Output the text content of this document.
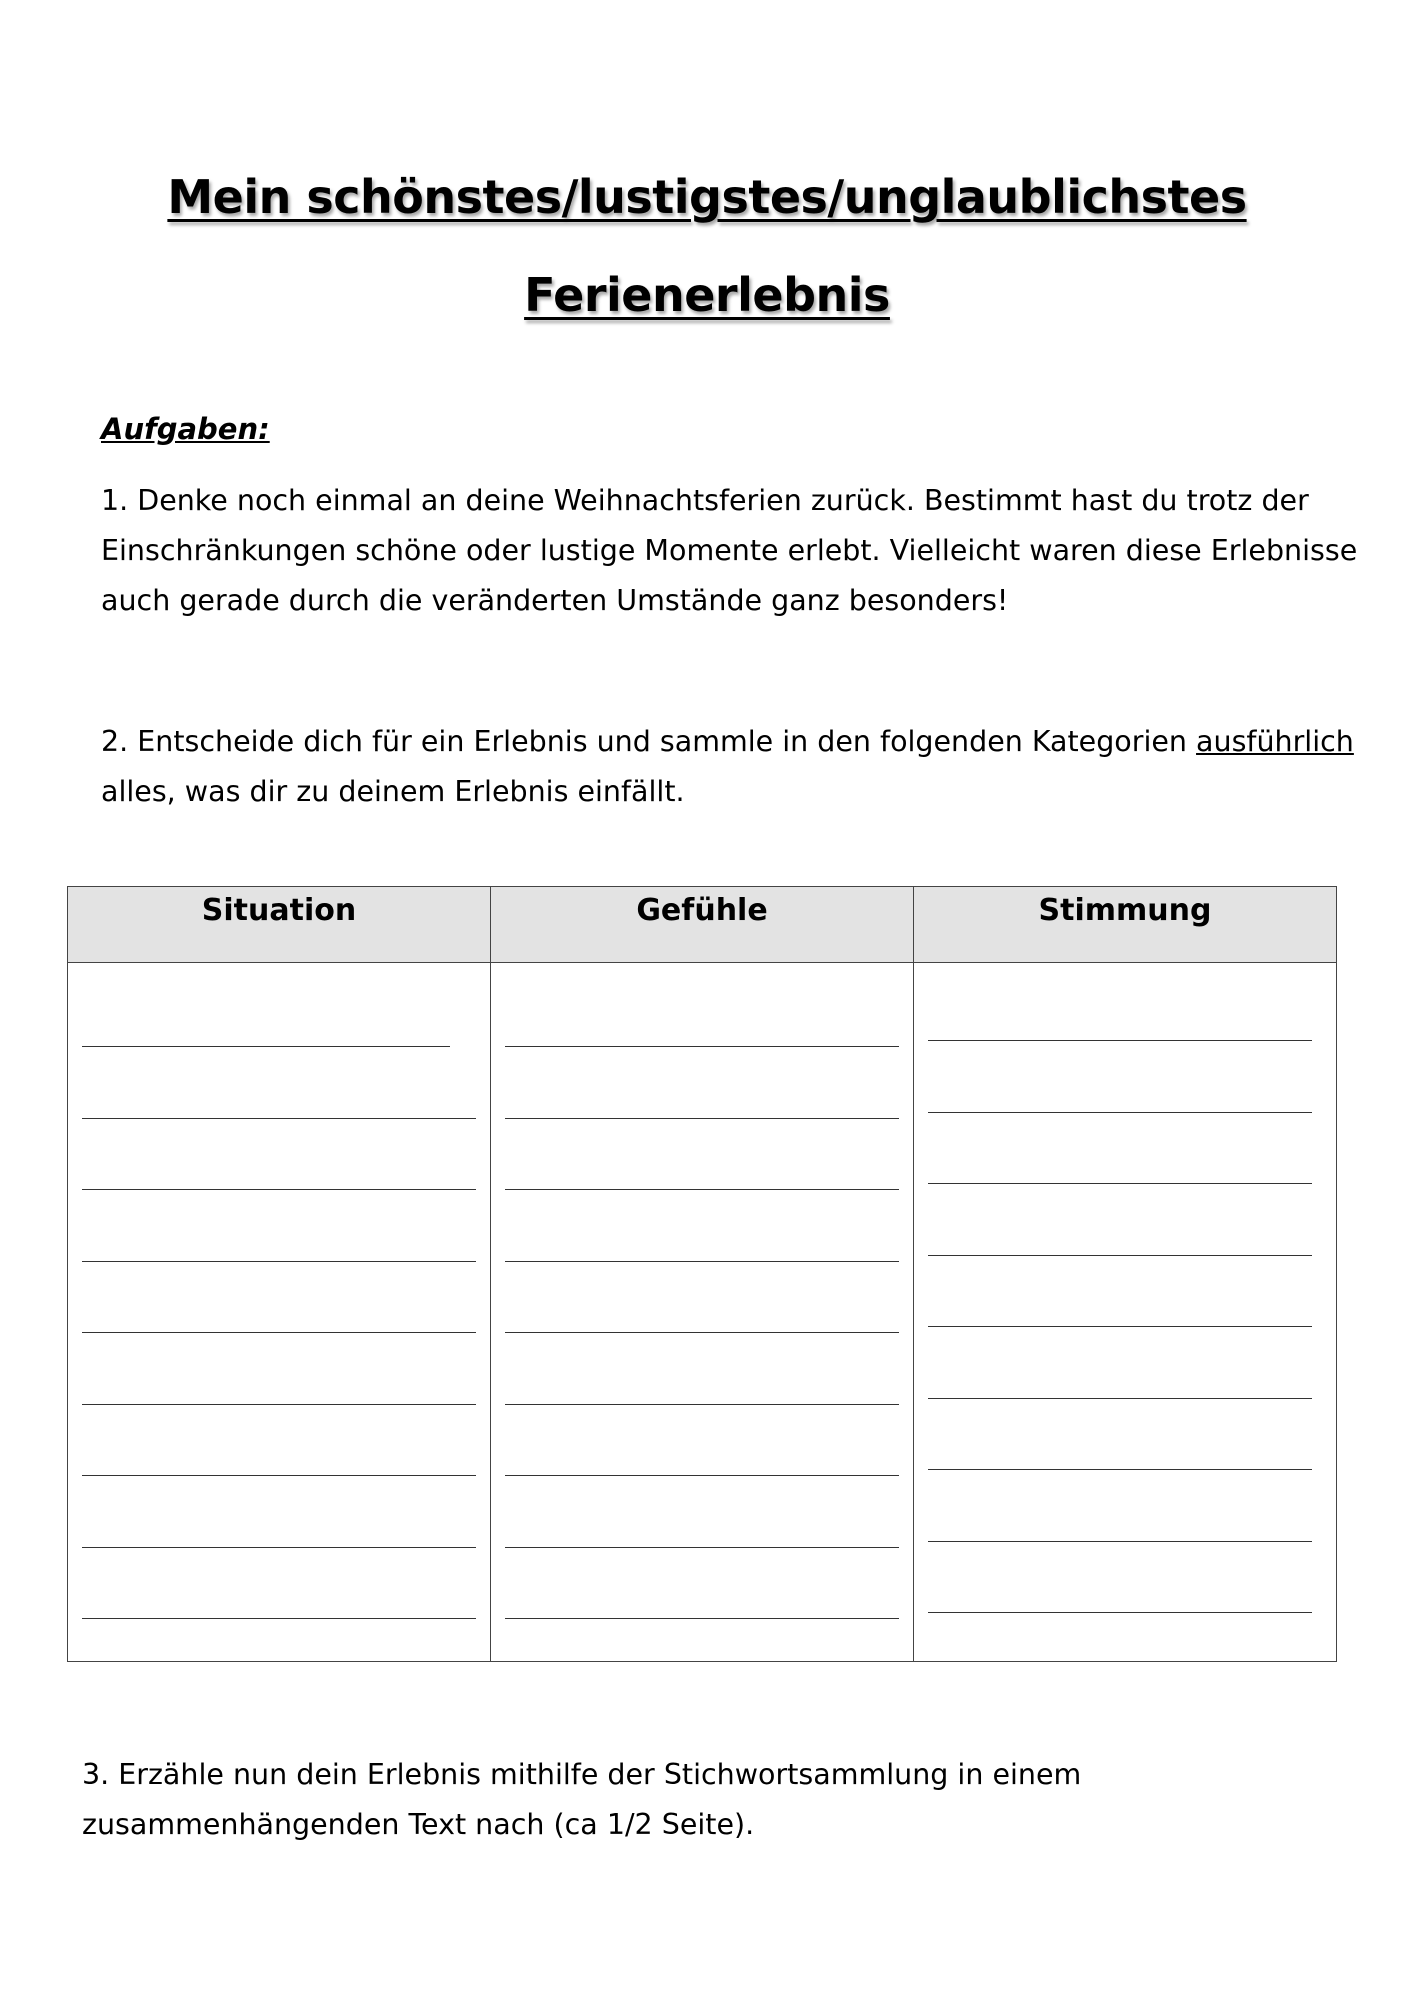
Mein schönstes/lustigstes/unglaublichstes
Ferienerlebnis
Aufgaben:
1. Denke noch einmal an deine Weihnachtsferien zurück. Bestimmt hast du trotz der Einschränkungen schöne oder lustige Momente erlebt. Vielleicht waren diese Erlebnisse auch gerade durch die veränderten Umstände ganz besonders!
2. Entscheide dich für ein Erlebnis und sammle in den folgenden Kategorien ausführlich alles, was dir zu deinem Erlebnis einfällt.
Situation	Gefühle	Stimmung

3. Erzähle nun dein Erlebnis mithilfe der Stichwortsammlung in einem zusammenhängenden Text nach (ca 1/2 Seite).
